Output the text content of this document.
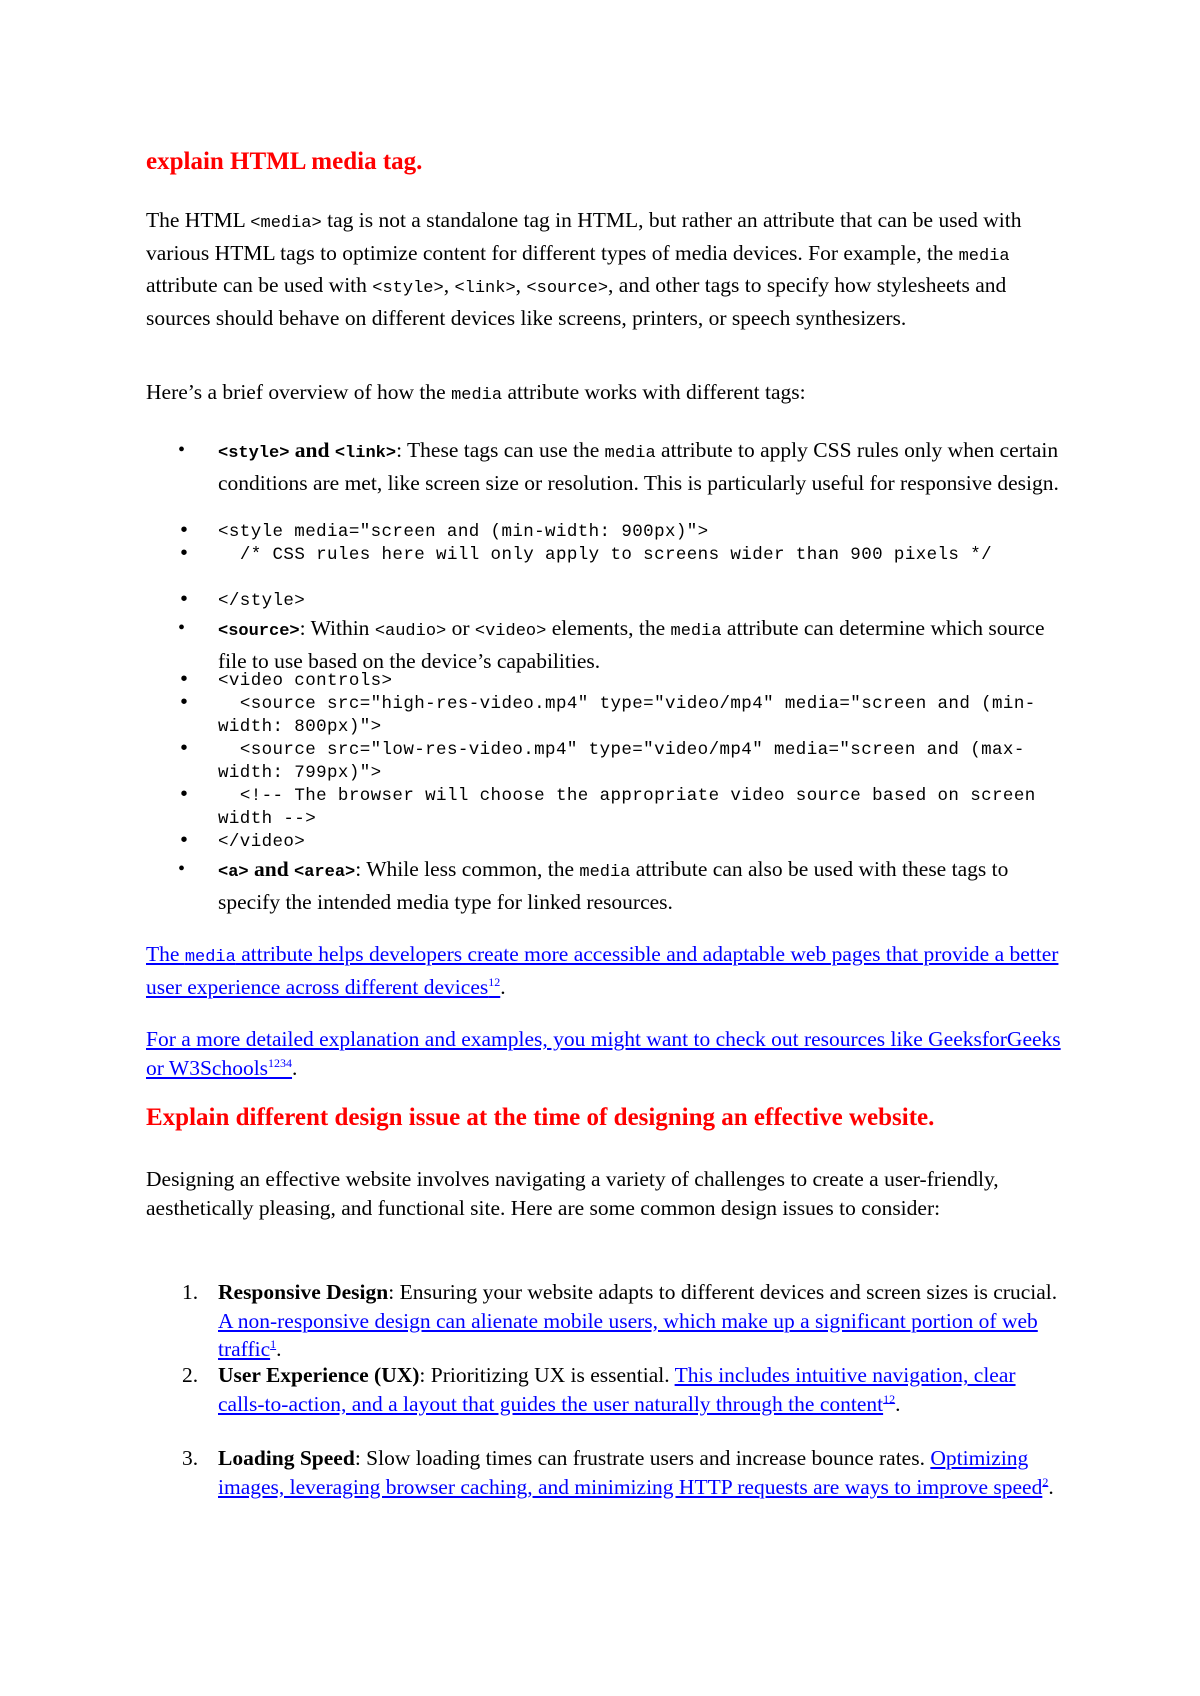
explain HTML media tag.

The HTML <media> tag is not a standalone tag in HTML, but rather an attribute that can be used with various HTML tags to optimize content for different types of media devices. For example, the media attribute can be used with <style>, <link>, <source>, and other tags to specify how stylesheets and sources should behave on different devices like screens, printers, or speech synthesizers.

Here’s a brief overview of how the media attribute works with different tags:

• <style> and <link>: These tags can use the media attribute to apply CSS rules only when certain conditions are met, like screen size or resolution. This is particularly useful for responsive design.
• <style media="screen and (min-width: 900px)">
• /* CSS rules here will only apply to screens wider than 900 pixels */
• </style>
• <source>: Within <audio> or <video> elements, the media attribute can determine which source file to use based on the device’s capabilities.
• <video controls>
• <source src="high-res-video.mp4" type="video/mp4" media="screen and (min-width: 800px)">
• <source src="low-res-video.mp4" type="video/mp4" media="screen and (max-width: 799px)">
• <!-- The browser will choose the appropriate video source based on screen width -->
• </video>
• <a> and <area>: While less common, the media attribute can also be used with these tags to specify the intended media type for linked resources.

The media attribute helps developers create more accessible and adaptable web pages that provide a better user experience across different devices$^{12}$.

For a more detailed explanation and examples, you might want to check out resources like GeeksforGeeks or W3Schools$^{1234}$.

Explain different design issue at the time of designing an effective website.

Designing an effective website involves navigating a variety of challenges to create a user-friendly, aesthetically pleasing, and functional site. Here are some common design issues to consider:

1. Responsive Design: Ensuring your website adapts to different devices and screen sizes is crucial. A non-responsive design can alienate mobile users, which make up a significant portion of web traffic$^1$.
2. User Experience (UX): Prioritizing UX is essential. This includes intuitive navigation, clear calls-to-action, and a layout that guides the user naturally through the content$^{12}$.
3. Loading Speed: Slow loading times can frustrate users and increase bounce rates. Optimizing images, leveraging browser caching, and minimizing HTTP requests are ways to improve speed$^2$.
